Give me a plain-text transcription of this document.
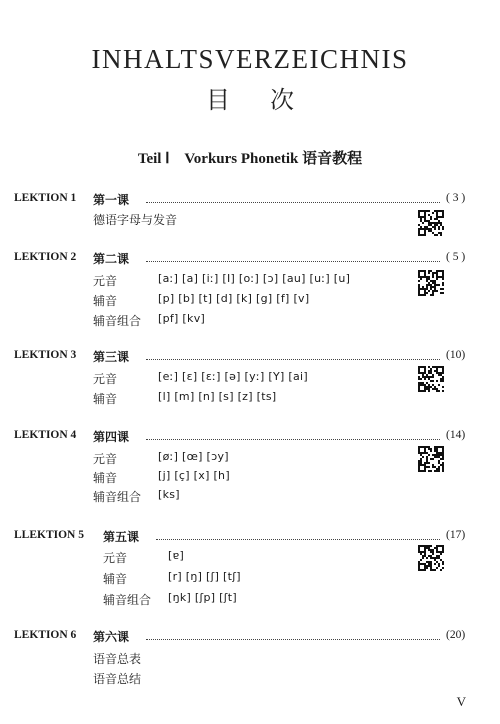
INHALTSVERZEICHNIS
目次
Teil Ⅰ Vorkurs Phonetik 语音教程
LEKTION 1 第一课	( 3 )
德语字母与发音
LEKTION 2 第二课	( 5 )
元音	[aː] [a] [iː] [I] [oː] [ɔ] [au] [uː] [u]
辅音	[p] [b] [t] [d] [k] [g] [f] [v]
辅音组合 [pf] [kv]
LEKTION 3 第三课	(10)
元音	[eː] [ɛ] [ɛː] [ə] [yː] [Y] [ai]
辅音	[l] [m] [n] [s] [z] [ts]
LEKTION 4 第四课	(14)
元音	[øː] [œ] [ɔy]
辅音	[j] [ç] [x] [h]
辅音组合 [ks]
LLEKTION 5 第五课	(17)
元音	[ɐ]
辅音	[r] [ŋ] [ʃ] [tʃ]
辅音组合 [ŋk] [ʃp] [ʃt]
LEKTION 6 第六课	(20)
语音总表
语音总结
V
